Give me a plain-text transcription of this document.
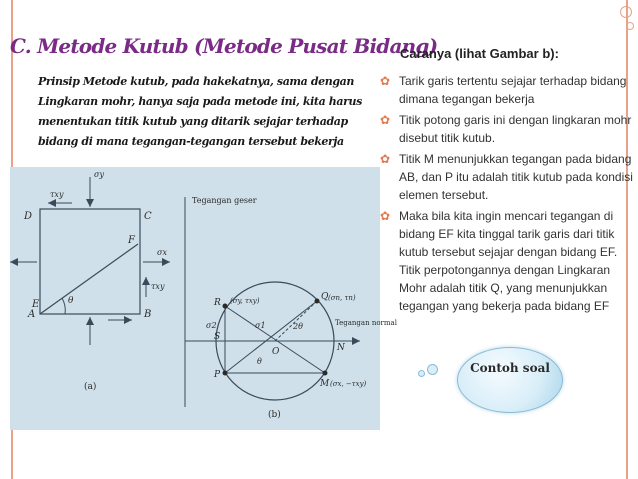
C. Metode Kutub (Metode Pusat Bidang)
Prinsip Metode kutub, pada hakekatnya, sama dengan Lingkaran mohr, hanya saja pada metode ini, kita harus menentukan titik kutub yang ditarik sejajar terhadap bidang di mana tegangan-tegangan tersebut bekerja
D	C
A	B
E
F
σy
σx
τxy
τxy
θ
(a)
Tegangan geser
Tegangan normal
R (σy, τxy)	Q (σn, τn)
S
O	N
P
M (σx, −τxy)
σ2	σ1	2θ
θ
(b)
Caranya (lihat Gambar b):
✿ Tarik garis tertentu sejajar terhadap bidang dimana tegangan bekerja
✿ Titik potong garis ini dengan lingkaran mohr disebut titik kutub.
✿ Titik M menunjukkan tegangan pada bidang AB, dan P itu adalah titik kutub pada kondisi elemen tersebut.
✿ Maka bila kita ingin mencari tegangan di bidang EF kita tinggal tarik garis dari titik kutub tersebut sejajar dengan bidang EF. Titik perpotongannya dengan Lingkaran Mohr adalah titik Q, yang menunjukkan tegangan yang bekerja pada bidang EF
Contoh soal
